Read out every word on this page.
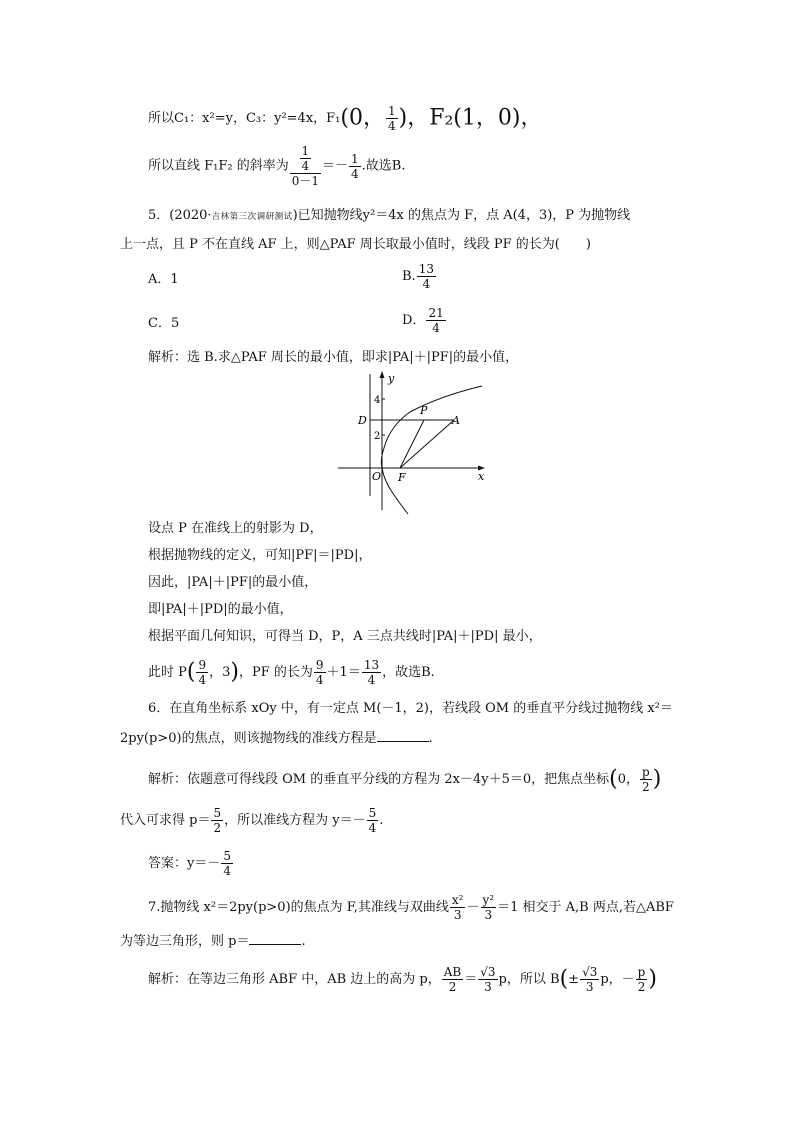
所以C₁：x²=y，C₃：y²=4x，F₁(0， $\frac{1}{4}$ )，F₂(1，0)，
所以直线 F₁F₂ 的斜率为 $\frac{\frac{1}{4}}{0-1} =- \frac{1}{4}$ .故选B.
5．(2020·吉林第三次调研测试)已知抛物线y²＝4x 的焦点为 F，点 A(4，3)，P 为抛物线
上一点，且 P 不在直线 AF 上，则△PAF 周长取最小值时，线段 PF 的长为(　　)
A．1	B. $\frac{13}{4}$
C．5	D． $\frac{21}{4}$
解析：选 B.求△PAF 周长的最小值，即求|PA|＋|PF|的最小值，
y
x
D
P
A
O F
4
2
设点 P 在准线上的射影为 D，
根据抛物线的定义，可知|PF|＝|PD|，
因此，|PA|＋|PF|的最小值，
即|PA|＋|PD|的最小值，
根据平面几何知识，可得当 D，P，A 三点共线时|PA|＋|PD| 最小，
此时 $P( \frac{9}{4}$ ，3)，PF 的长为 $\frac{9}{4} +1= \frac{13}{4}$ ，故选B.
6．在直角坐标系 xOy 中，有一定点 M(－1，2)，若线段 OM 的垂直平分线过抛物线 x²＝
2py(p>0)的焦点，则该抛物线的准线方程是	.
解析：依题意可得线段 OM 的垂直平分线的方程为 2x－4y＋5＝0，把焦点坐标(0， $\frac{p}{2}$ )
代入可求得 $p= \frac{5}{2}$ ，所以准线方程为 $y=- \frac{5}{4}$ .
答案：$y=- \frac{5}{4}$
7.抛物线 x²＝2py(p>0)的焦点为 F,其准线与双曲线 $\frac{\text{x²}}{3} - \frac{\text{y²}}{3} =1$ 相交于 A,B 两点,若△ABF
为等边三角形，则 p＝	.
解析：在等边三角形 ABF 中，AB 边上的高为 p， $\frac{AB}{2} = \frac{√3}{3}$ p，所以 $B(\pm \frac{√3}{3}$ p，－ $\frac{p}{2}$ )
